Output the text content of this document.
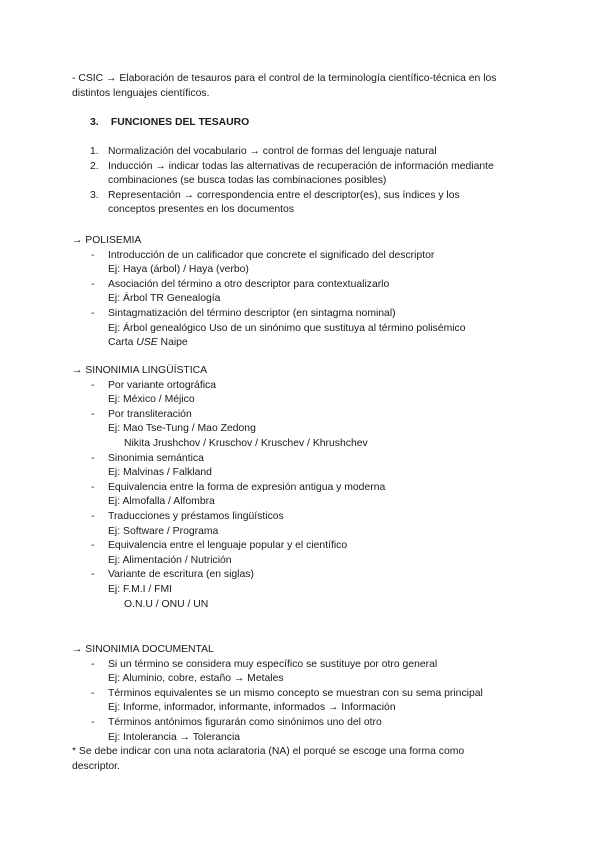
- CSIC → Elaboración de tesauros para el control de la terminología científico-técnica en los
distintos lenguajes científicos.
3. FUNCIONES DEL TESAURO
1. Normalización del vocabulario → control de formas del lenguaje natural
2. Inducción → indicar todas las alternativas de recuperación de información mediante
combinaciones (se busca todas las combinaciones posibles)
3. Representación → correspondencia entre el descriptor(es), sus índices y los
conceptos presentes en los documentos
→ POLISEMIA
- Introducción de un calificador que concrete el significado del descriptor
Ej: Haya (árbol) / Haya (verbo)
- Asociación del término a otro descriptor para contextualizarlo
Ej: Árbol TR Genealogía
- Sintagmatización del término descriptor (en sintagma nominal)
Ej: Árbol genealógico Uso de un sinónimo que sustituya al término polisémico
Carta USE Naipe
→ SINONIMIA LINGÜÍSTICA
- Por variante ortográfica
Ej: México / Méjico
- Por transliteración
Ej: Mao Tse-Tung / Mao Zedong
Nikita Jrushchov / Kruschov / Kruschev / Khrushchev
- Sinonimia semántica
Ej: Malvinas / Falkland
- Equivalencia entre la forma de expresión antigua y moderna
Ej: Almofalla / Alfombra
- Traducciones y préstamos lingüísticos
Ej: Software / Programa
- Equivalencia entre el lenguaje popular y el científico
Ej: Alimentación / Nutrición
- Variante de escritura (en siglas)
Ej: F.M.I / FMI
O.N.U / ONU / UN
→ SINONIMIA DOCUMENTAL
- Si un término se considera muy específico se sustituye por otro general
Ej: Aluminio, cobre, estaño → Metales
- Términos equivalentes se un mismo concepto se muestran con su sema principal
Ej: Informe, informador, informante, informados → Información
- Términos antónimos figurarán como sinónimos uno del otro
Ej: Intolerancia → Tolerancia
* Se debe indicar con una nota aclaratoria (NA) el porqué se escoge una forma como
descriptor.
